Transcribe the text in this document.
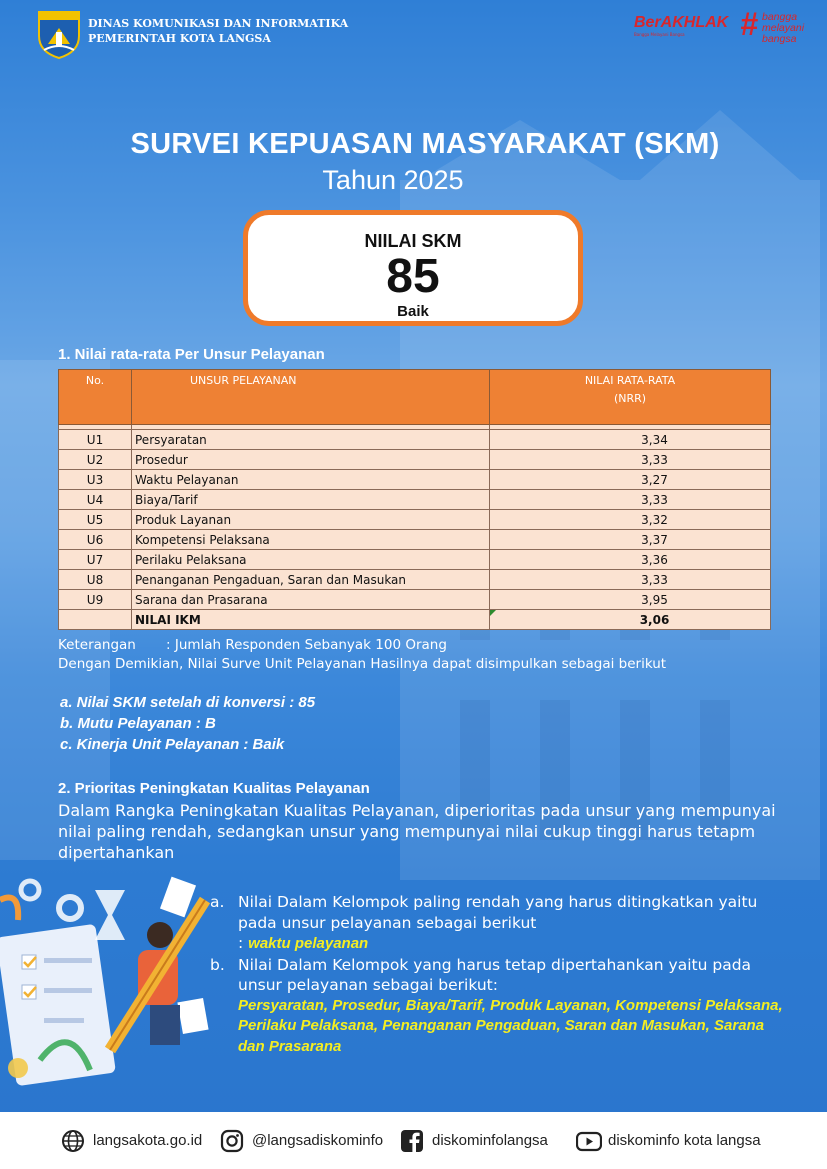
DINAS KOMUNIKASI DAN INFORMATIKA
PEMERINTAH KOTA LANGSA
BerAKHLAK
Bangga Melayani Bangsa	# bangga
melayani
bangsa
SURVEI KEPUASAN MASYARAKAT (SKM)
Tahun 2025
NIILAI SKM
85
Baik
1. Nilai rata-rata Per Unsur Pelayanan
No.	UNSUR PELAYANAN	NILAI RATA-RATA
(NRR)

U1	Persyaratan	3,34
U2	Prosedur	3,33
U3	Waktu Pelayanan	3,27
U4	Biaya/Tarif	3,33
U5	Produk Layanan	3,32
U6	Kompetensi Pelaksana	3,37
U7	Perilaku Pelaksana	3,36
U8	Penanganan Pengaduan, Saran dan Masukan	3,33
U9	Sarana dan Prasarana	3,95
	NILAI IKM	3,06
Keterangan : Jumlah Responden Sebanyak 100 Orang
Dengan Demikian, Nilai Surve Unit Pelayanan Hasilnya dapat disimpulkan sebagai berikut
a. Nilai SKM setelah di konversi : 85
b. Mutu Pelayanan : B
c. Kinerja Unit Pelayanan : Baik
2. Prioritas Peningkatan Kualitas Pelayanan
Dalam Rangka Peningkatan Kualitas Pelayanan, diperioritas pada unsur yang mempunyai nilai paling rendah, sedangkan unsur yang mempunyai nilai cukup tinggi harus tetapm dipertahankan
a. Nilai Dalam Kelompok paling rendah yang harus ditingkatkan yaitu pada unsur pelayanan sebagai berikut
: waktu pelayanan
b. Nilai Dalam Kelompok yang harus tetap dipertahankan yaitu pada unsur pelayanan sebagai berikut:
Persyaratan, Prosedur, Biaya/Tarif, Produk Layanan, Kompetensi Pelaksana, Perilaku Pelaksana, Penanganan Pengaduan, Saran dan Masukan, Sarana dan Prasarana
langsakota.go.id	@langsadiskominfo	diskominfolangsa	diskominfo kota langsa
